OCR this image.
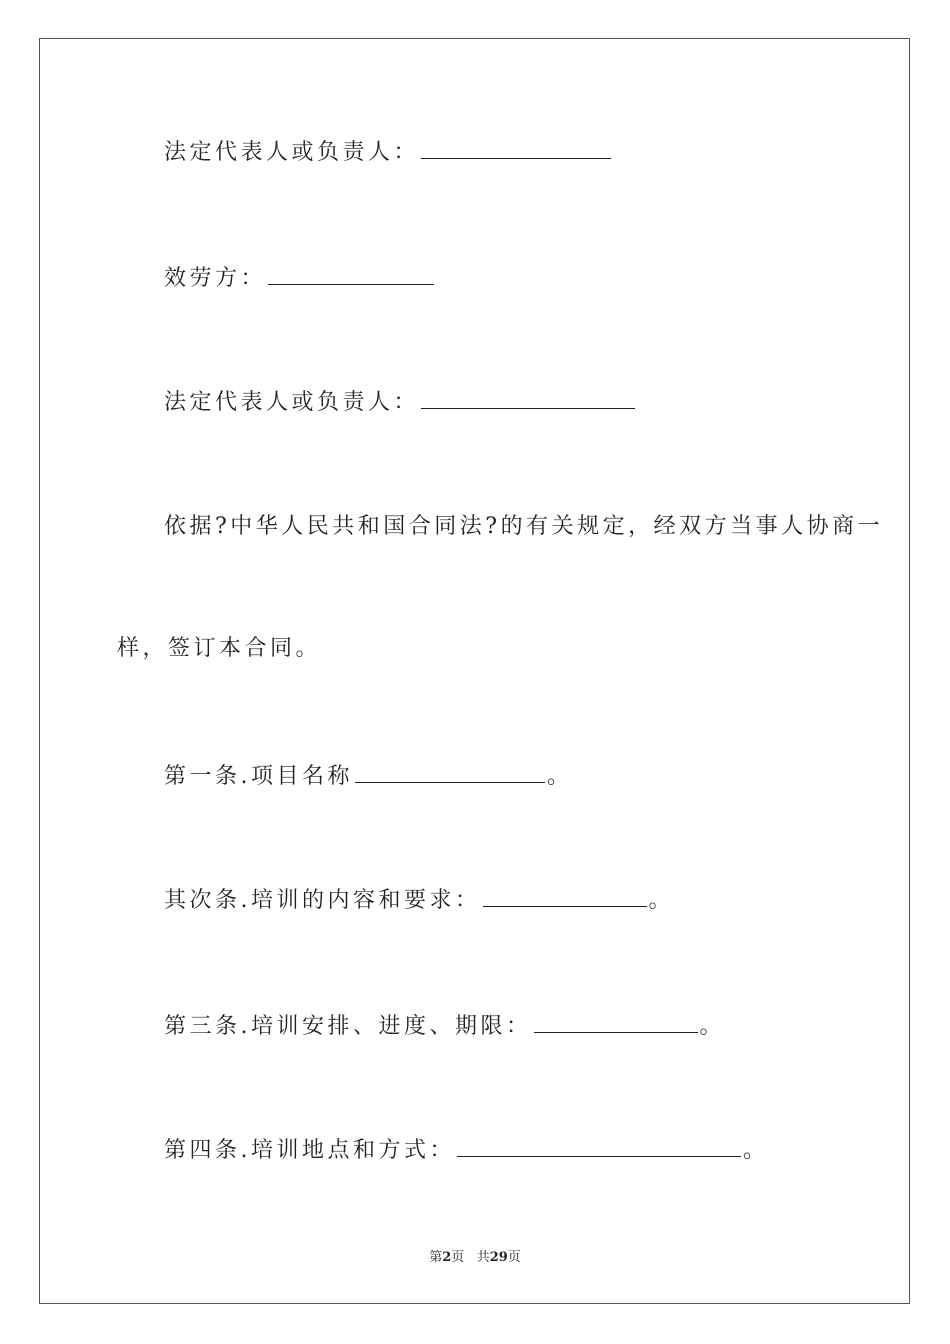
法定代表人或负责人：
效劳方：
法定代表人或负责人：
依据?中华人民共和国合同法?的有关规定，经双方当事人协商一
样，签订本合同。
第一条.项目名称	。
其次条.培训的内容和要求：	。
第三条.培训安排、进度、期限：	。
第四条.培训地点和方式：	。
第2页 共29页
